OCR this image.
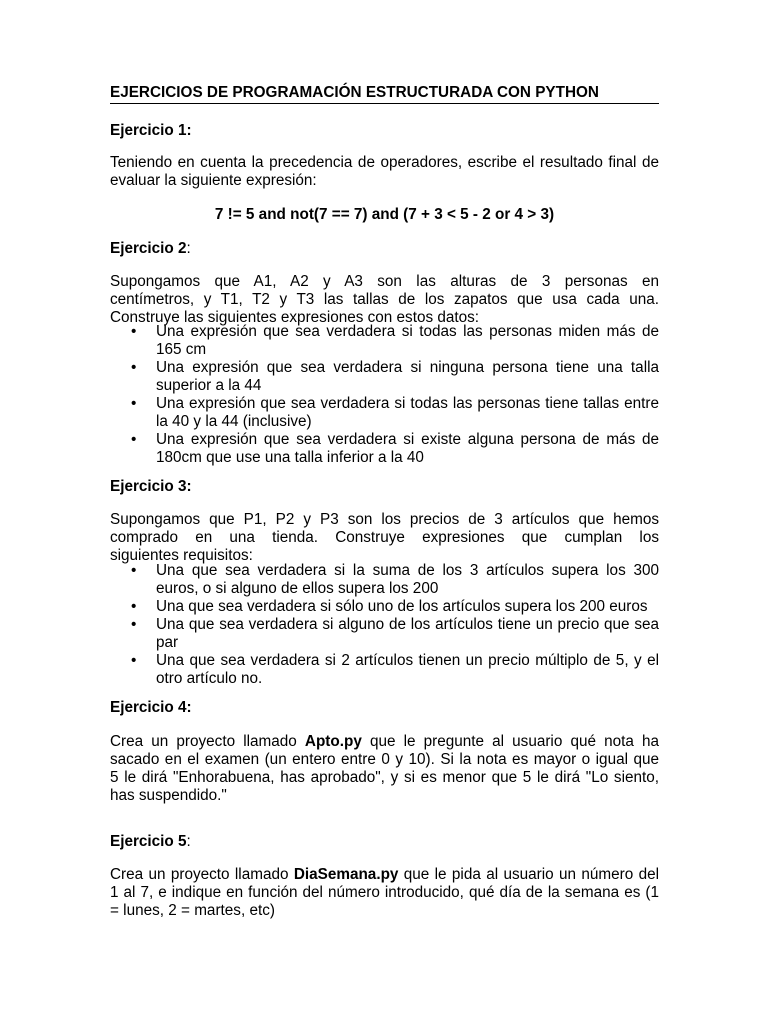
EJERCICIOS DE PROGRAMACIÓN ESTRUCTURADA CON PYTHON
Ejercicio 1:
Teniendo en cuenta la precedencia de operadores, escribe el resultado final de
evaluar la siguiente expresión:
7 != 5 and not(7 == 7) and (7 + 3 < 5 - 2 or 4 > 3)
Ejercicio 2:
Supongamos que A1, A2 y A3 son las alturas de 3 personas en
centímetros, y T1, T2 y T3 las tallas de los zapatos que usa cada una.
Construye las siguientes expresiones con estos datos:
• Una expresión que sea verdadera si todas las personas miden más de
165 cm
• Una expresión que sea verdadera si ninguna persona tiene una talla
superior a la 44
• Una expresión que sea verdadera si todas las personas tiene tallas entre
la 40 y la 44 (inclusive)
• Una expresión que sea verdadera si existe alguna persona de más de
180cm que use una talla inferior a la 40
Ejercicio 3:
Supongamos que P1, P2 y P3 son los precios de 3 artículos que hemos
comprado en una tienda. Construye expresiones que cumplan los
siguientes requisitos:
• Una que sea verdadera si la suma de los 3 artículos supera los 300
euros, o si alguno de ellos supera los 200
• Una que sea verdadera si sólo uno de los artículos supera los 200 euros
• Una que sea verdadera si alguno de los artículos tiene un precio que sea
par
• Una que sea verdadera si 2 artículos tienen un precio múltiplo de 5, y el
otro artículo no.
Ejercicio 4:
Crea un proyecto llamado Apto.py que le pregunte al usuario qué nota ha
sacado en el examen (un entero entre 0 y 10). Si la nota es mayor o igual que
5 le dirá "Enhorabuena, has aprobado", y si es menor que 5 le dirá "Lo siento,
has suspendido."
Ejercicio 5:
Crea un proyecto llamado DiaSemana.py que le pida al usuario un número del
1 al 7, e indique en función del número introducido, qué día de la semana es (1
= lunes, 2 = martes, etc)
